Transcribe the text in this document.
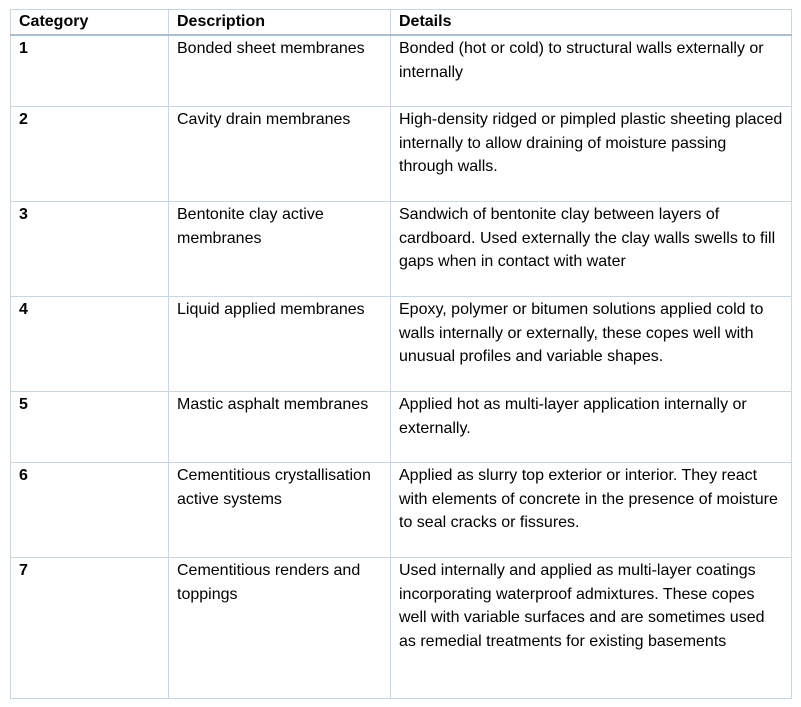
Category	Description	Details
1	Bonded sheet membranes	Bonded (hot or cold) to structural walls externally or internally
2	Cavity drain membranes	High-density ridged or pimpled plastic sheeting placed internally to allow draining of moisture passing through walls.
3	Bentonite clay active membranes	Sandwich of bentonite clay between layers of cardboard. Used externally the clay walls swells to fill gaps when in contact with water
4	Liquid applied membranes	Epoxy, polymer or bitumen solutions applied cold to walls internally or externally, these copes well with unusual profiles and variable shapes.
5	Mastic asphalt membranes	Applied hot as multi-layer application internally or externally.
6	Cementitious crystallisation active systems	Applied as slurry top exterior or interior. They react with elements of concrete in the presence of moisture to seal cracks or fissures.
7	Cementitious renders and toppings	Used internally and applied as multi-layer coatings incorporating waterproof admixtures. These copes well with variable surfaces and are sometimes used as remedial treatments for existing basements
